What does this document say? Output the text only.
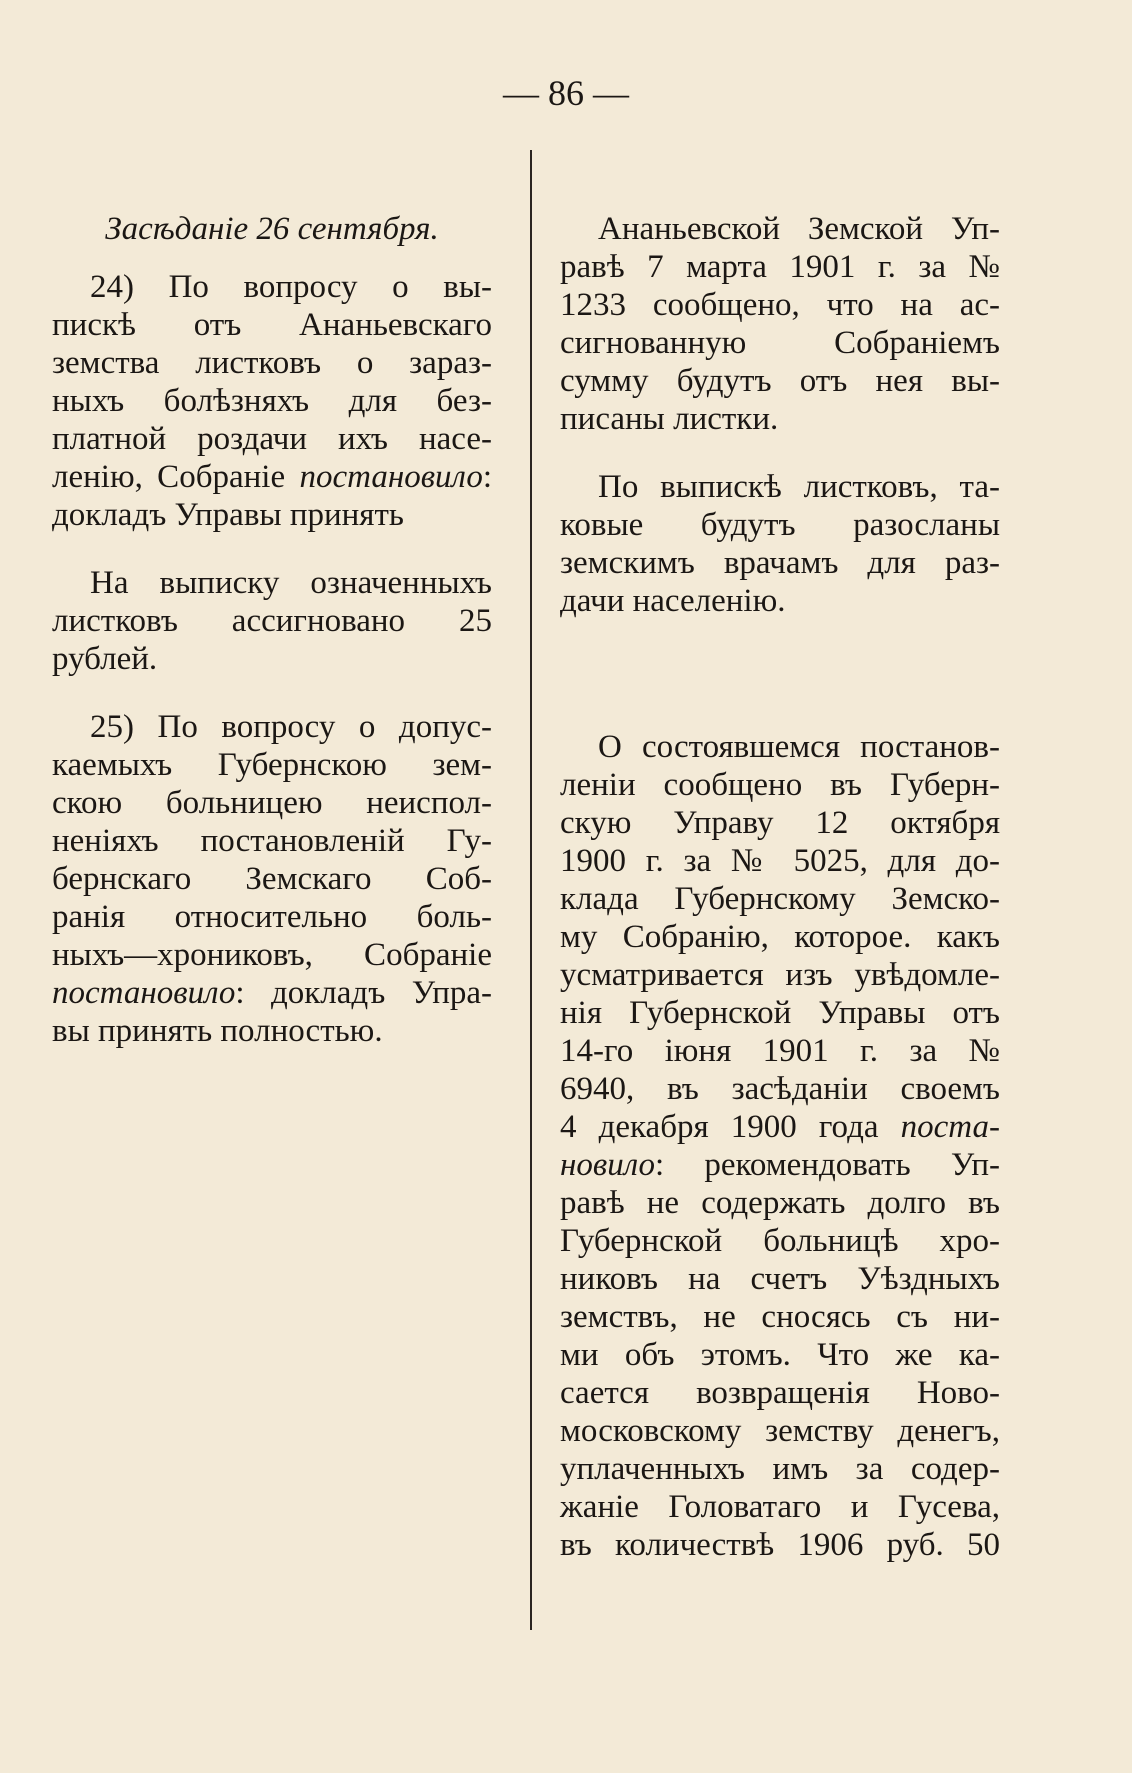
— 86 —
Засѣданіе 26 сентября.
24) По вопросу о вы-
пискѣ отъ Ананьевскаго
земства листковъ о зараз-
ныхъ болѣзняхъ для без-
платной роздачи ихъ насе-
ленію, Собраніе постановило:
докладъ Управы принять
На выписку означенныхъ
листковъ ассигновано 25
рублей.
25) По вопросу о допус-
каемыхъ Губернскою зем-
скою больницею неиспол-
неніяхъ постановленій Гу-
бернскаго Земскаго Соб-
ранія относительно боль-
ныхъ—хрониковъ, Собраніе
постановило: докладъ Упра-
вы принять полностью.
Ананьевской Земской Уп-
равѣ 7 марта 1901 г. за №
1233 сообщено, что на ас-
сигнованную Собраніемъ
сумму будутъ отъ нея вы-
писаны листки.
По выпискѣ листковъ, та-
ковые будутъ разосланы
земскимъ врачамъ для раз-
дачи населенію.
О состоявшемся постанов-
леніи сообщено въ Губерн-
скую Управу 12 октября
1900 г. за № 5025, для до-
клада Губернскому Земско-
му Собранію, которое. какъ
усматривается изъ увѣдомле-
нія Губернской Управы отъ
14-го іюня 1901 г. за №
6940, въ засѣданіи своемъ
4 декабря 1900 года поста-
новило: рекомендовать Уп-
равѣ не содержать долго въ
Губернской больницѣ хро-
никовъ на счетъ Уѣздныхъ
земствъ, не сносясь съ ни-
ми объ этомъ. Что же ка-
сается возвращенія Ново-
московскому земству денегъ,
уплаченныхъ имъ за содер-
жаніе Головатаго и Гусева,
въ количествѣ 1906 руб. 50
